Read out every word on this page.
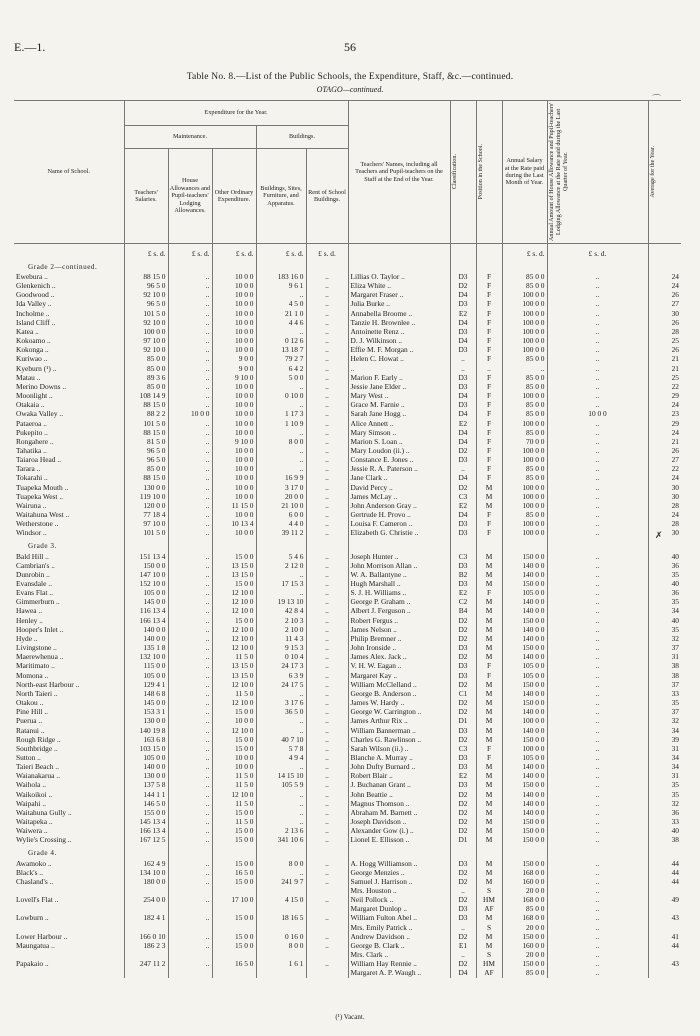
E.—1.	56
Table No. 8.—List of the Public Schools, the Expenditure, Staff, &c.—continued.
OTAGO—continued.
⌒
✗
Name of School.	Expenditure for the Year.					Teachers' Names, including all Teachers and Pupil-teachers on the Staff at the End of the Year.	Classification.	Position in the School.	Annual Salary at the Rate paid during the Last Month of Year.	Annual Amount of House Allowance and Pupil-teachers' Lodging Allowance at the Rate paid during the Last Quarter of Year.	Average for the Year.

	Maintenance.			Buildings.							
	Teachers' Salaries.	House Allowances and Pupil-teachers' Lodging Allowances.	Other Ordinary Expenditure.	Buildings, Sites, Furniture, and Apparatus.	Rent of School Buildings.						
	£ s. d.	£ s. d.	£ s. d.	£ s. d.	£ s. d.				£ s. d.	£ s. d.	
Grade 2—continued.											
Ewebura ..	88 15 0	..	10 0 0	183 16 0	..	Lillias O. Taylor ..	D3	F	85 0 0	..	24
Glenkenich ..	96 5 0	..	10 0 0	9 6 1	..	Eliza White ..	D2	F	85 0 0	..	24
Goodwood ..	92 10 0	..	10 0 0	..	..	Margaret Fraser ..	D4	F	100 0 0	..	26
Ida Valley ..	96 5 0	..	10 0 0	4 5 0	..	Julia Burke ..	D3	F	100 0 0	..	27
Incholme ..	101 5 0	..	10 0 0	21 1 0	..	Annabella Broome ..	E2	F	100 0 0	..	30
Island Cliff ..	92 10 0	..	10 0 0	4 4 6	..	Tanzie H. Brownlee ..	D4	F	100 0 0	..	26
Katea ..	100 0 0	..	10 0 0	..	..	Antoinette Renz ..	D3	F	100 0 0	..	28
Kokoamo ..	97 10 0	..	10 0 0	0 12 6	..	D. J. Wilkinson ..	D4	F	100 0 0	..	25
Kokonga ..	92 10 0	..	10 0 0	13 18 7	..	Effie M. F. Morgan ..	D3	F	100 0 0	..	26
Kuriwao ..	85 0 0	..	9 0 0	79 2 7	..	Helen C. Howat ..	..	F	85 0 0	..	21
Kyeburn (¹) ..	85 0 0	..	9 0 0	6 4 2	..	..	..	..	..	..	21
Matau ..	89 3 6	..	9 10 0	5 0 0	..	Marion F. Early ..	D3	F	85 0 0	..	25
Merino Downs ..	85 0 0	..	10 0 0	..	..	Jessie Jane Elder ..	D3	F	85 0 0	..	22
Moonlight ..	108 14 9	..	10 0 0	0 10 0	..	Mary West ..	D4	F	100 0 0	..	29
Otakaia ..	88 15 0	..	10 0 0	..	..	Grace M. Farnie ..	D3	F	85 0 0	..	24
Owaka Valley ..	88 2 2	10 0 0	10 0 0	1 17 3	..	Sarah Jane Hogg ..	D4	F	85 0 0	10 0 0	23
Pataeroa ..	101 5 0	..	10 0 0	1 10 9	..	Alice Annett ..	E2	F	100 0 0	..	29
Pukepito ..	88 15 0	..	10 0 0	..	..	Mary Simson ..	D4	F	85 0 0	..	24
Rongahere ..	81 5 0	..	9 10 0	8 0 0	..	Marion S. Loan ..	D4	F	70 0 0	..	21
Tahatika ..	96 5 0	..	10 0 0	..	..	Mary Loudon (ii.) ..	D2	F	100 0 0	..	26
Taiaroa Head ..	96 5 0	..	10 0 0	..	..	Constance E. Jones ..	D3	F	100 0 0	..	27
Tarara ..	85 0 0	..	10 0 0	..	..	Jessie R. A. Paterson ..	..	F	85 0 0	..	22
Tokarahi ..	88 15 0	..	10 0 0	16 9 9	..	Jane Clark ..	D4	F	85 0 0	..	24
Tuapeka Mouth ..	130 0 0	..	10 0 0	3 17 0	..	David Percy ..	D2	M	100 0 0	..	30
Tuapeka West ..	119 10 0	..	10 0 0	20 0 0	..	James McLay ..	C3	M	100 0 0	..	30
Wairuna ..	120 0 0	..	11 15 0	21 10 0	..	John Anderson Gray ..	E2	M	100 0 0	..	28
Waitahuna West ..	77 18 4	..	10 0 0	6 0 0	..	Gertrude H. Provo ..	D4	F	85 0 0	..	24
Wetherstone ..	97 10 0	..	10 13 4	4 4 0	..	Louisa F. Cameron ..	D3	F	100 0 0	..	28
Windsor ..	101 5 0	..	10 0 0	39 11 2	..	Elizabeth G. Christie ..	D3	F	100 0 0	..	30
Grade 3.											
Bald Hill ..	151 13 4	..	15 0 0	5 4 6	..	Joseph Hunter ..	C3	M	150 0 0	..	40
Cambrian's ..	150 0 0	..	13 15 0	2 12 0	..	John Morrison Allan ..	D3	M	140 0 0	..	36
Dunrobin ..	147 10 0	..	13 15 0	..	..	W. A. Ballantyne ..	B2	M	140 0 0	..	35
Evansdale ..	152 10 0	..	15 0 0	17 15 3	..	Hugh Marshall ..	D3	M	150 0 0	..	40
Evans Flat ..	105 0 0	..	12 10 0	..	..	S. J. H. Williams ..	E2	F	105 0 0	..	36
Gimmerburn ..	145 0 0	..	12 10 0	19 13 10	..	George P. Graham ..	C2	M	140 0 0	..	35
Hawea ..	116 13 4	..	12 10 0	42 8 4	..	Albert J. Ferguson ..	B4	M	140 0 0	..	34
Henley ..	166 13 4	..	15 0 0	2 10 3	..	Robert Fergus ..	D2	M	150 0 0	..	40
Hooper's Inlet ..	140 0 0	..	12 10 0	2 10 0	..	James Nelson ..	D2	M	140 0 0	..	35
Hyde ..	140 0 0	..	12 10 0	11 4 3	..	Philip Bremner ..	D2	M	140 0 0	..	32
Livingstone ..	135 1 8	..	12 10 0	9 15 3	..	John Ironside ..	D3	M	150 0 0	..	37
Maerewhenua ..	132 10 0	..	11 5 0	0 10 4	..	James Alex. Jack ..	D2	M	140 0 0	..	31
Maritimato ..	115 0 0	..	13 15 0	24 17 3	..	V. H. W. Eagan ..	D3	F	105 0 0	..	38
Momona ..	105 0 0	..	13 15 0	6 3 9	..	Margaret Kay ..	D3	F	105 0 0	..	38
North-east Harbour ..	129 4 1	..	12 10 0	24 17 5	..	William McClelland ..	D2	M	150 0 0	..	37
North Taieri ..	148 6 8	..	11 5 0	..	..	George B. Anderson ..	C1	M	140 0 0	..	33
Otakou ..	145 0 0	..	12 10 0	3 17 6	..	James W. Hardy ..	D2	M	150 0 0	..	35
Pine Hill ..	153 3 1	..	15 0 0	36 5 0	..	George W. Carrington ..	D2	M	140 0 0	..	37
Puerua ..	130 0 0	..	10 0 0	..	..	James Arthur Rix ..	D1	M	100 0 0	..	32
Ratanui ..	140 19 8	..	12 10 0	..	..	William Bannerman ..	D3	M	140 0 0	..	34
Rough Ridge ..	163 6 8	..	15 0 0	40 7 10	..	Charles G. Rawlinson ..	D2	M	150 0 0	..	39
Southbridge ..	103 15 0	..	15 0 0	5 7 8	..	Sarah Wilson (ii.) ..	C3	F	100 0 0	..	31
Sutton ..	105 0 0	..	10 0 0	4 9 4	..	Blanche A. Murray ..	D3	F	105 0 0	..	34
Taieri Beach ..	140 0 0	..	10 0 0	..	..	John Dufty Burnard ..	D3	M	140 0 0	..	34
Waianakarua ..	130 0 0	..	11 5 0	14 15 10	..	Robert Blair ..	E2	M	140 0 0	..	31
Waihola ..	137 5 8	..	11 5 0	105 5 9	..	J. Buchanan Grant ..	D3	M	150 0 0	..	35
Waikoikoi ..	144 1 1	..	12 10 0	..	..	John Beattie ..	D2	M	140 0 0	..	35
Waipahi ..	146 5 0	..	11 5 0	..	..	Magnus Thomson ..	D2	M	140 0 0	..	32
Waitahuna Gully ..	155 0 0	..	15 0 0	..	..	Abraham M. Barnett ..	D2	M	140 0 0	..	36
Waitapeka ..	145 13 4	..	11 5 0	..	..	Joseph Davidson ..	D2	M	150 0 0	..	33
Waiwera ..	166 13 4	..	15 0 0	2 13 6	..	Alexander Gow (i.) ..	D2	M	150 0 0	..	40
Wylie's Crossing ..	167 12 5	..	15 0 0	341 10 6	..	Lionel E. Ellisson ..	D1	M	150 0 0	..	38
Grade 4.											
Awamoko ..	162 4 9	..	15 0 0	8 0 0	..	A. Hogg Williamson ..	D3	M	150 0 0	..	44
Black's ..	134 10 0	..	16 5 0	..	..	George Menzies ..	D2	M	168 0 0	..	44
Chasland's ..	180 0 0	..	15 0 0	241 9 7	..	Samuel J. Harrison ..	D2	M	160 0 0	..	44
						Mrs. Houston ..	..	S	20 0 0	..	
Lovell's Flat ..	254 0 0	..	17 10 0	4 15 0	..	Neil Pollock ..	D2	HM	168 0 0	..	49
						Margaret Dunlop ..	D3	AF	85 0 0	..	
Lowburn ..	182 4 1	..	15 0 0	18 16 5	..	William Fulton Abel ..	D3	M	168 0 0	..	43
						Mrs. Emily Patrick ..	..	S	20 0 0	..	
Lower Harbour ..	166 0 10	..	15 0 0	0 16 0	..	Andrew Davidson ..	D2	M	150 0 0	..	41
Maungatua ..	186 2 3	..	15 0 0	8 0 0	..	George B. Clark ..	E1	M	160 0 0	..	44
						Mrs. Clark ..	..	S	20 0 0	..	
Papakaio ..	247 11 2	..	16 5 0	1 6 1	..	William Hay Rennie ..	D2	HM	150 0 0	..	43
						Margaret A. P. Waugh ..	D4	AF	85 0 0	..	
(¹) Vacant.
